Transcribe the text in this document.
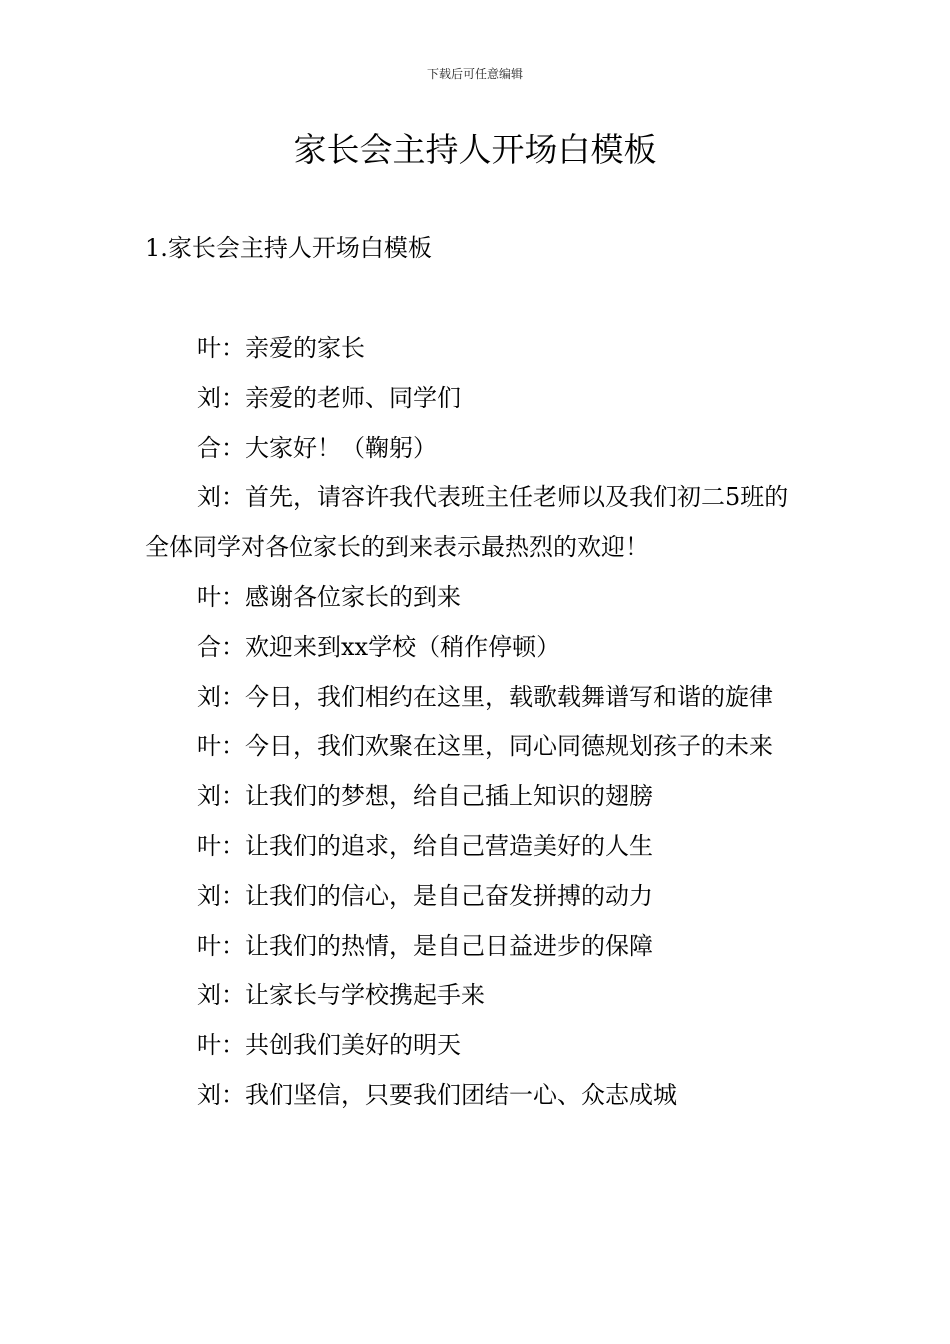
下载后可任意编辑
家长会主持人开场白模板

1.家长会主持人开场白模板

叶：亲爱的家长

刘：亲爱的老师、同学们

合：大家好！（鞠躬）

刘：首先，请容许我代表班主任老师以及我们初二5班的全体同学对各位家长的到来表示最热烈的欢迎！

叶：感谢各位家长的到来

合：欢迎来到xx学校（稍作停顿）

刘：今日，我们相约在这里，载歌载舞谱写和谐的旋律

叶：今日，我们欢聚在这里，同心同德规划孩子的未来

刘：让我们的梦想，给自己插上知识的翅膀

叶：让我们的追求，给自己营造美好的人生

刘：让我们的信心，是自己奋发拼搏的动力

叶：让我们的热情，是自己日益进步的保障

刘：让家长与学校携起手来

叶：共创我们美好的明天

刘：我们坚信，只要我们团结一心、众志成城
